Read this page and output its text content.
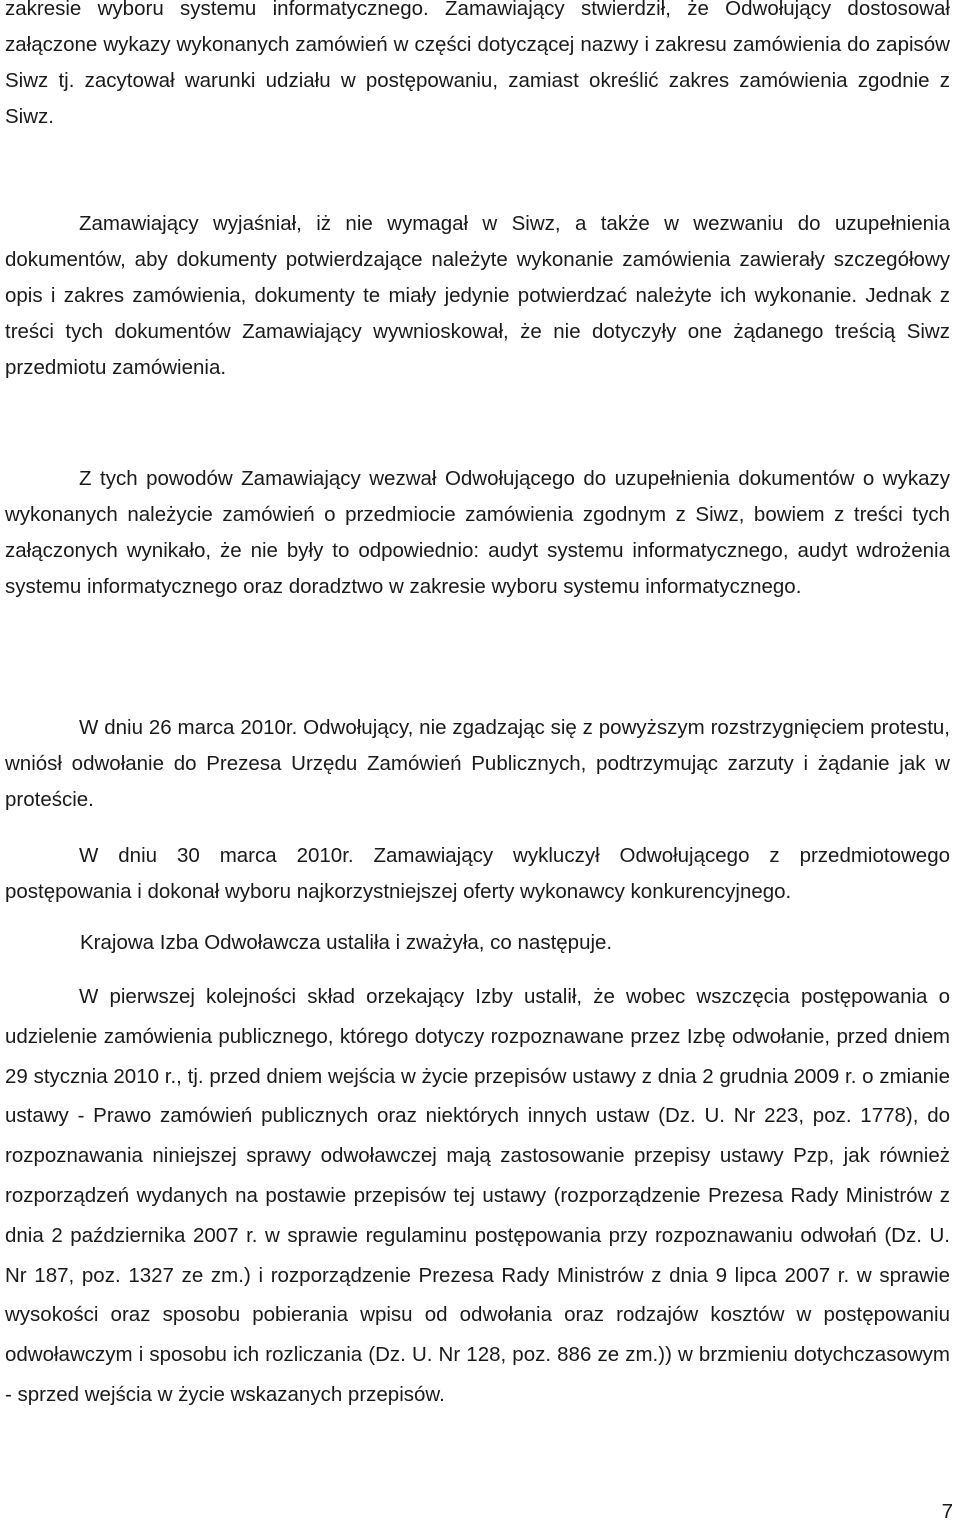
zakresie wyboru systemu informatycznego. Zamawiający stwierdził, że Odwołujący dostosował załączone wykazy wykonanych zamówień w części dotyczącej nazwy i zakresu zamówienia do zapisów Siwz tj. zacytował warunki udziału w postępowaniu, zamiast określić zakres zamówienia zgodnie z Siwz.

Zamawiający wyjaśniał, iż nie wymagał w Siwz, a także w wezwaniu do uzupełnienia dokumentów, aby dokumenty potwierdzające należyte wykonanie zamówienia zawierały szczegółowy opis i zakres zamówienia, dokumenty te miały jedynie potwierdzać należyte ich wykonanie. Jednak z treści tych dokumentów Zamawiający wywnioskował, że nie dotyczyły one żądanego treścią Siwz przedmiotu zamówienia.

Z tych powodów Zamawiający wezwał Odwołującego do uzupełnienia dokumentów o wykazy wykonanych należycie zamówień o przedmiocie zamówienia zgodnym z Siwz, bowiem z treści tych załączonych wynikało, że nie były to odpowiednio: audyt systemu informatycznego, audyt wdrożenia systemu informatycznego oraz doradztwo w zakresie wyboru systemu informatycznego.

W dniu 26 marca 2010r. Odwołujący, nie zgadzając się z powyższym rozstrzygnięciem protestu, wniósł odwołanie do Prezesa Urzędu Zamówień Publicznych, podtrzymując zarzuty i żądanie jak w proteście.

W dniu 30 marca 2010r. Zamawiający wykluczył Odwołującego z przedmiotowego postępowania i dokonał wyboru najkorzystniejszej oferty wykonawcy konkurencyjnego.

Krajowa Izba Odwoławcza ustaliła i zważyła, co następuje.

W pierwszej kolejności skład orzekający Izby ustalił, że wobec wszczęcia postępowania o udzielenie zamówienia publicznego, którego dotyczy rozpoznawane przez Izbę odwołanie, przed dniem 29 stycznia 2010 r., tj. przed dniem wejścia w życie przepisów ustawy z dnia 2 grudnia 2009 r. o zmianie ustawy - Prawo zamówień publicznych oraz niektórych innych ustaw (Dz. U. Nr 223, poz. 1778), do rozpoznawania niniejszej sprawy odwoławczej mają zastosowanie przepisy ustawy Pzp, jak również rozporządzeń wydanych na postawie przepisów tej ustawy (rozporządzenie Prezesa Rady Ministrów z dnia 2 października 2007 r. w sprawie regulaminu postępowania przy rozpoznawaniu odwołań (Dz. U. Nr 187, poz. 1327 ze zm.) i rozporządzenie Prezesa Rady Ministrów z dnia 9 lipca 2007 r. w sprawie wysokości oraz sposobu pobierania wpisu od odwołania oraz rodzajów kosztów w postępowaniu odwoławczym i sposobu ich rozliczania (Dz. U. Nr 128, poz. 886 ze zm.)) w brzmieniu dotychczasowym - sprzed wejścia w życie wskazanych przepisów.

7
